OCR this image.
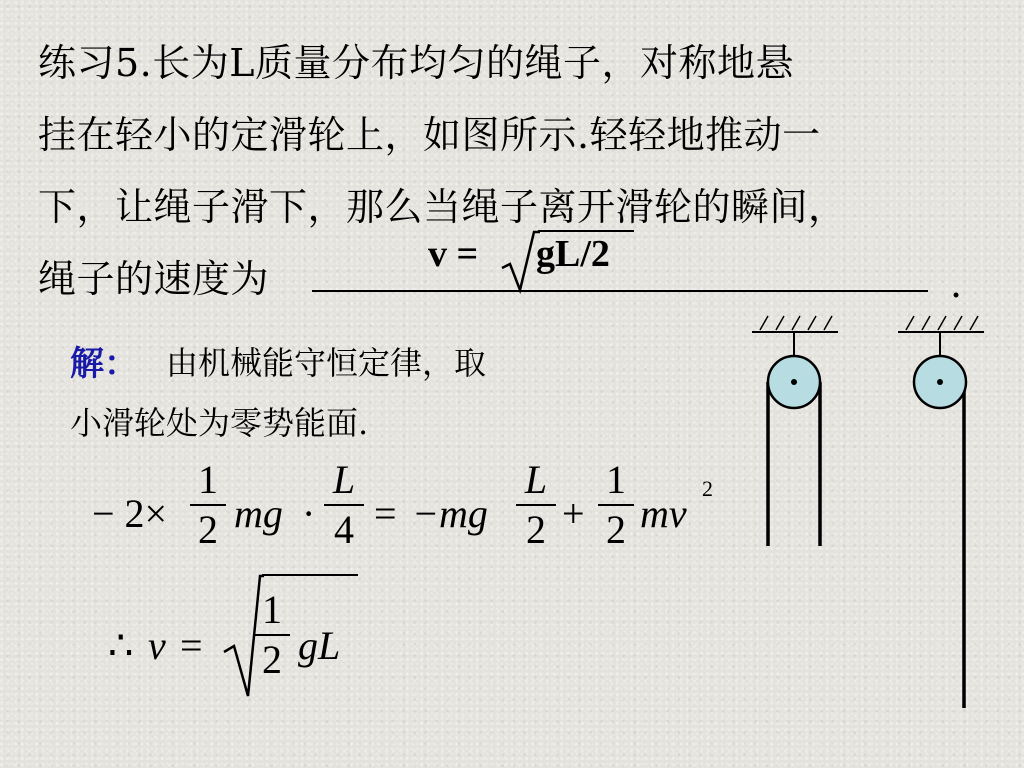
练习5.长为L质量分布均匀的绳子，对称地悬
挂在轻小的定滑轮上，如图所示.轻轻地推动一
下，让绳子滑下，那么当绳子离开滑轮的瞬间，
绳子的速度为
v = gL/2
.
解： 由机械能守恒定律，取
小滑轮处为零势能面.
− 2×
1
2 mg ·
L
4 = −mg
L
2 +
1
2 mv
2
∴ v =
1
2 gL
